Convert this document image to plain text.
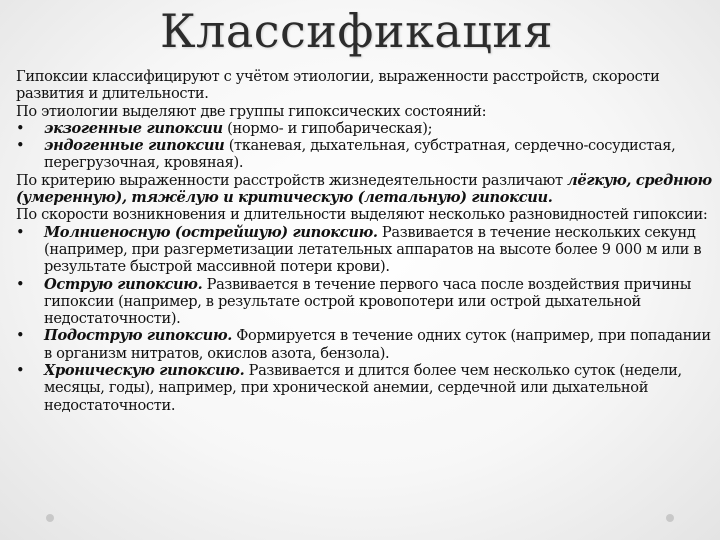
Классификация

Гипоксии классифицируют с учётом этиологии, выраженности расстройств, скорости развития и длительности.

По этиологии выделяют две группы гипоксических состояний:

• экзогенные гипоксии (нормо- и гипобарическая);

• эндогенные гипоксии (тканевая, дыхательная, субстратная, сердечно-сосудистая, перегрузочная, кровяная).

По критерию выраженности расстройств жизнедеятельности различают лёгкую, среднюю (умеренную), тяжёлую и критическую (летальную) гипоксии.

По скорости возникновения и длительности выделяют несколько разновидностей гипоксии:

• Молниеносную (острейшую) гипоксию. Развивается в течение нескольких секунд (например, при разгерметизации летательных аппаратов на высоте более 9 000 м или в результате быстрой массивной потери крови).

• Острую гипоксию. Развивается в течение первого часа после воздействия причины гипоксии (например, в результате острой кровопотери или острой дыхательной недостаточности).

• Подострую гипоксию. Формируется в течение одних суток (например, при попадании в организм нитратов, окислов азота, бензола).

• Хроническую гипоксию. Развивается и длится более чем несколько суток (недели, месяцы, годы), например, при хронической анемии, сердечной или дыхательной недостаточности.
